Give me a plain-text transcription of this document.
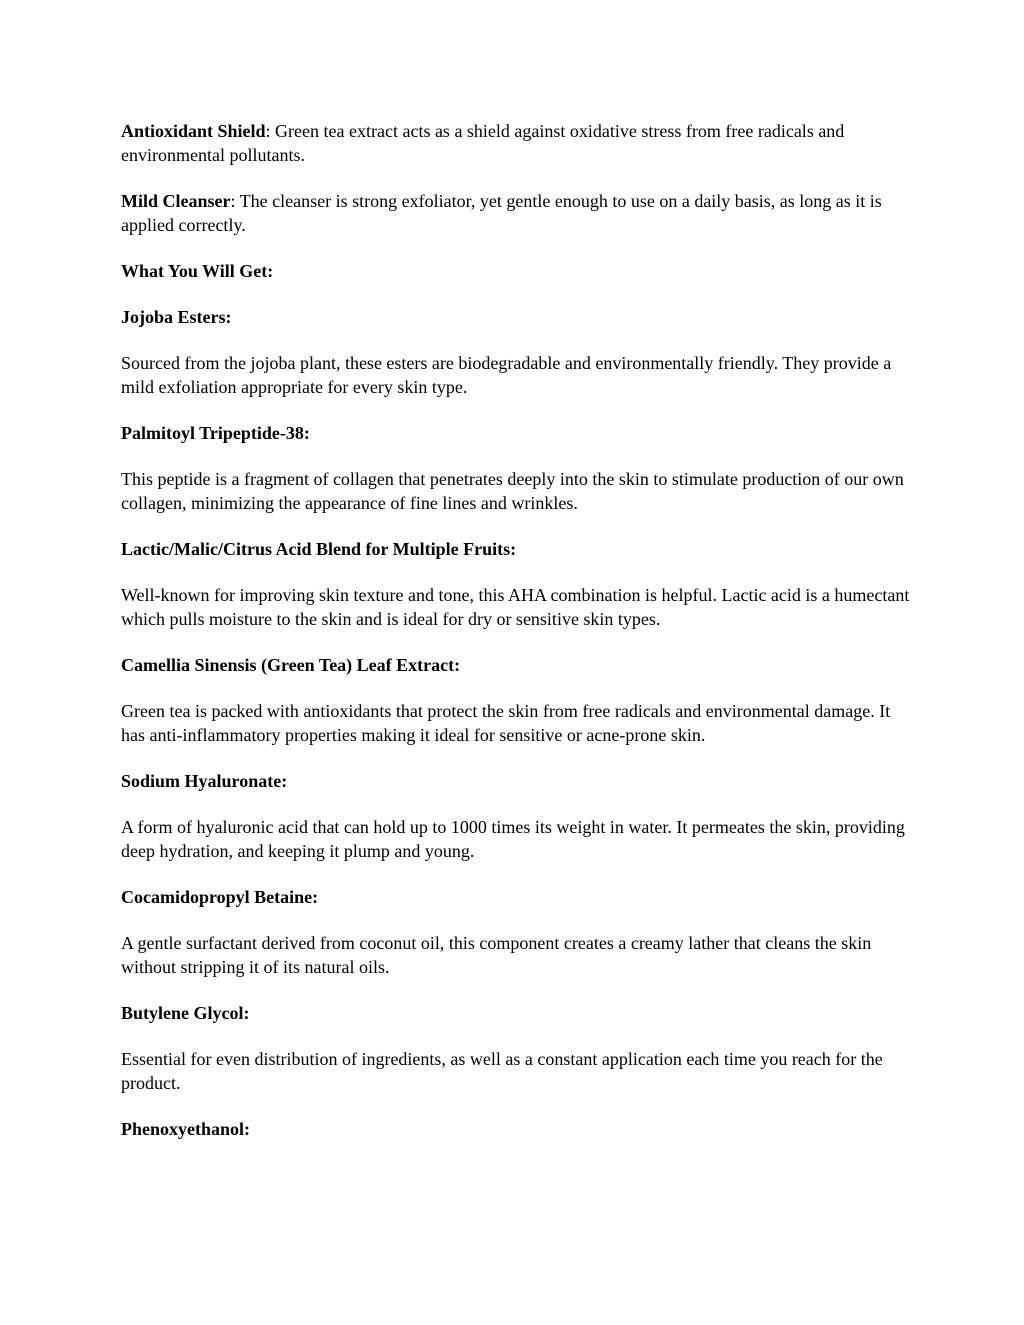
Antioxidant Shield: Green tea extract acts as a shield against oxidative stress from free radicals and environmental pollutants.

Mild Cleanser: The cleanser is strong exfoliator, yet gentle enough to use on a daily basis, as long as it is applied correctly.

What You Will Get:

Jojoba Esters:

Sourced from the jojoba plant, these esters are biodegradable and environmentally friendly. They provide a mild exfoliation appropriate for every skin type.

Palmitoyl Tripeptide-38:

This peptide is a fragment of collagen that penetrates deeply into the skin to stimulate production of our own collagen, minimizing the appearance of fine lines and wrinkles.

Lactic/Malic/Citrus Acid Blend for Multiple Fruits:

Well-known for improving skin texture and tone, this AHA combination is helpful. Lactic acid is a humectant which pulls moisture to the skin and is ideal for dry or sensitive skin types.

Camellia Sinensis (Green Tea) Leaf Extract:

Green tea is packed with antioxidants that protect the skin from free radicals and environmental damage. It has anti-inflammatory properties making it ideal for sensitive or acne-prone skin.

Sodium Hyaluronate:

A form of hyaluronic acid that can hold up to 1000 times its weight in water. It permeates the skin, providing deep hydration, and keeping it plump and young.

Cocamidopropyl Betaine:

A gentle surfactant derived from coconut oil, this component creates a creamy lather that cleans the skin without stripping it of its natural oils.

Butylene Glycol:

Essential for even distribution of ingredients, as well as a constant application each time you reach for the product.

Phenoxyethanol:
